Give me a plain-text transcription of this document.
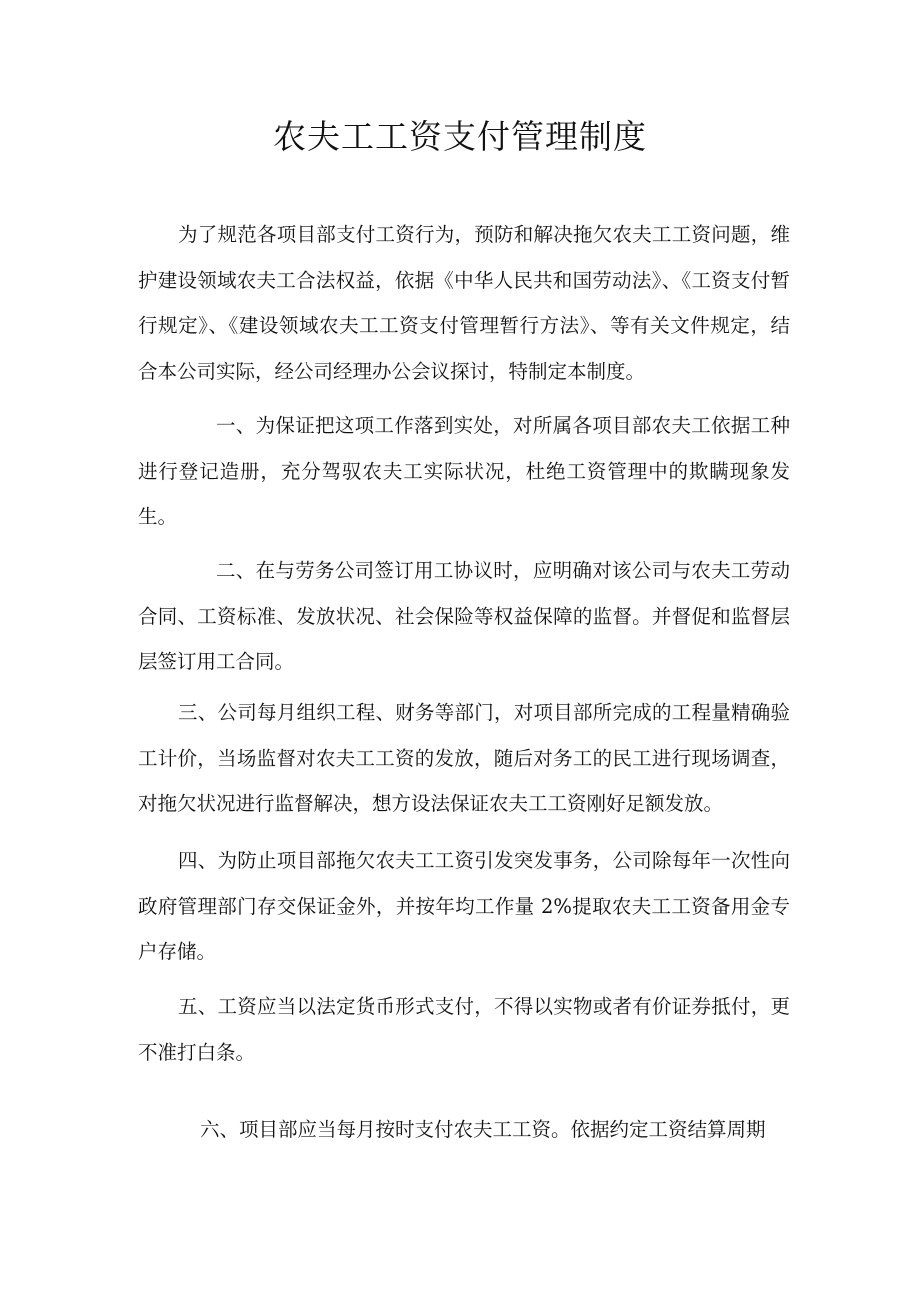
农夫工工资支付管理制度

为了规范各项目部支付工资行为，预防和解决拖欠农夫工工资问题，维护建设领域农夫工合法权益，依据《中华人民共和国劳动法》、《工资支付暂行规定》、《建设领域农夫工工资支付管理暂行方法》、等有关文件规定，结合本公司实际，经公司经理办公会议探讨，特制定本制度。

一、为保证把这项工作落到实处，对所属各项目部农夫工依据工种进行登记造册，充分驾驭农夫工实际状况，杜绝工资管理中的欺瞒现象发生。

二、在与劳务公司签订用工协议时，应明确对该公司与农夫工劳动合同、工资标准、发放状况、社会保险等权益保障的监督。并督促和监督层层签订用工合同。

三、公司每月组织工程、财务等部门，对项目部所完成的工程量精确验工计价，当场监督对农夫工工资的发放，随后对务工的民工进行现场调查，对拖欠状况进行监督解决，想方设法保证农夫工工资刚好足额发放。

四、为防止项目部拖欠农夫工工资引发突发事务，公司除每年一次性向政府管理部门存交保证金外，并按年均工作量 2%提取农夫工工资备用金专户存储。

五、工资应当以法定货币形式支付，不得以实物或者有价证券抵付，更不准打白条。

六、项目部应当每月按时支付农夫工工资。依据约定工资结算周期
